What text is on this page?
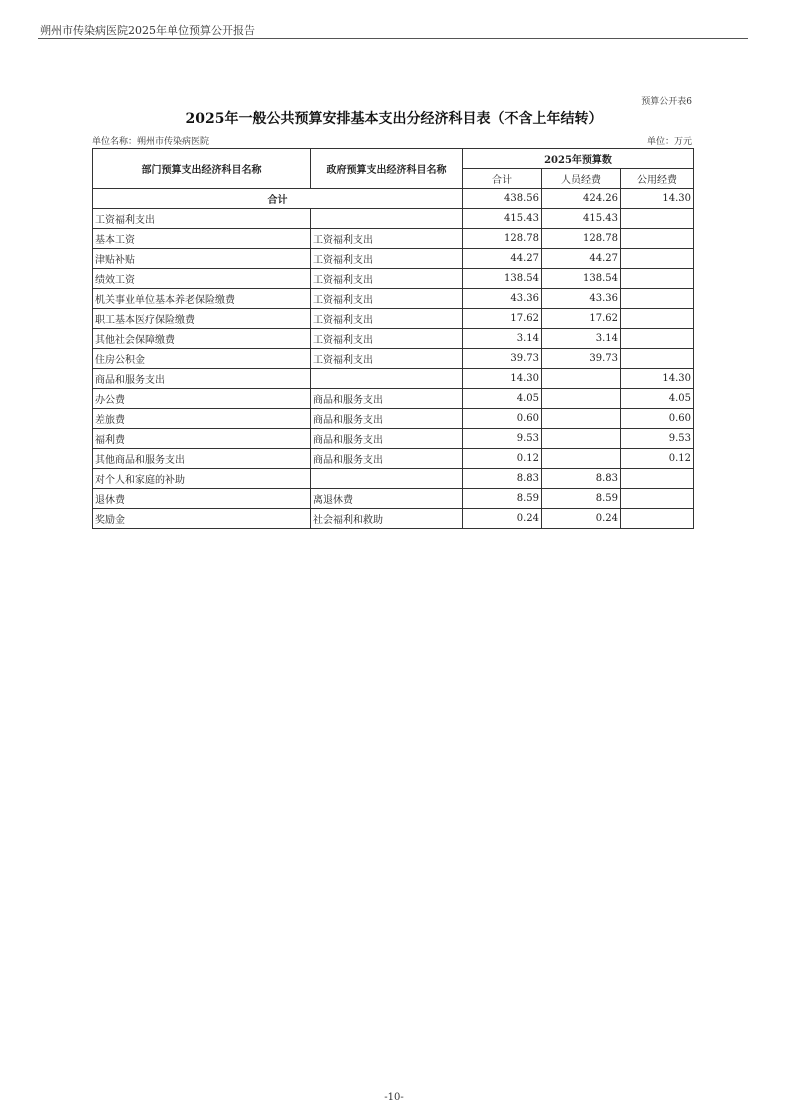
朔州市传染病医院2025年单位预算公开报告
预算公开表6
2025年一般公共预算安排基本支出分经济科目表（不含上年结转）
单位名称：朔州市传染病医院	单位：万元
部门预算支出经济科目名称	政府预算支出经济科目名称	2025年预算数		
		合计	人员经费	公用经费
合计		438.56	424.26	14.30
工资福利支出		415.43	415.43	
基本工资	工资福利支出	128.78	128.78	
津贴补贴	工资福利支出	44.27	44.27	
绩效工资	工资福利支出	138.54	138.54	
机关事业单位基本养老保险缴费	工资福利支出	43.36	43.36	
职工基本医疗保险缴费	工资福利支出	17.62	17.62	
其他社会保障缴费	工资福利支出	3.14	3.14	
住房公积金	工资福利支出	39.73	39.73	
商品和服务支出		14.30		14.30
办公费	商品和服务支出	4.05		4.05
差旅费	商品和服务支出	0.60		0.60
福利费	商品和服务支出	9.53		9.53
其他商品和服务支出	商品和服务支出	0.12		0.12
对个人和家庭的补助		8.83	8.83	
退休费	离退休费	8.59	8.59	
奖励金	社会福利和救助	0.24	0.24	
-10-
